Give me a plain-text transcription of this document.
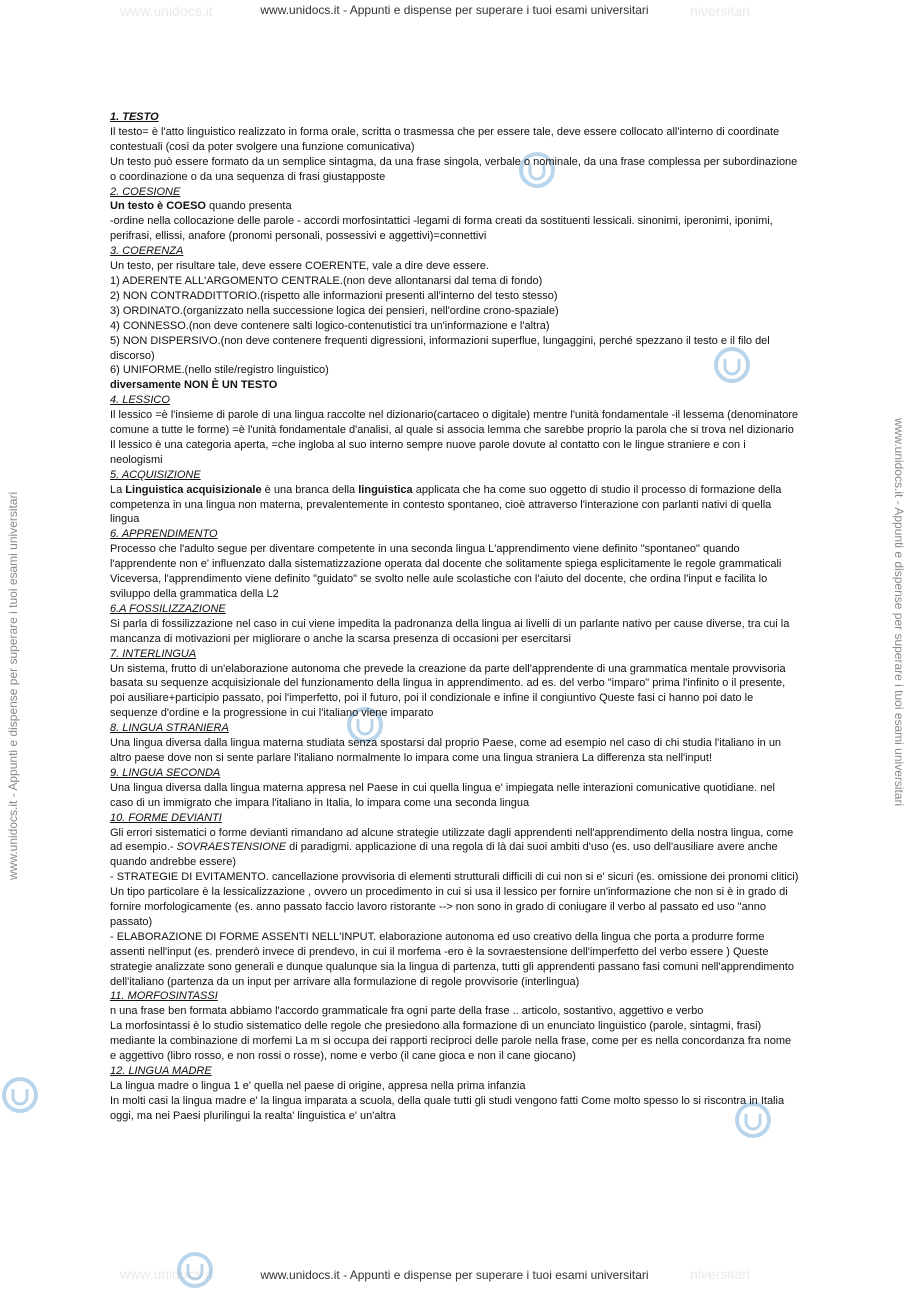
www.unidocs.it	niversitari
www.unidocs.it	niversitari
www.unidocs.it - Appunti e dispense per superare i tuoi esami universitari
www.unidocs.it - Appunti e dispense per superare i tuoi esami universitari
www.unidocs.it - Appunti e dispense per superare i tuoi esami universitari	www.unidocs.it - Appunti e dispense per superare i tuoi esami universitari

1. TESTO

Il testo= è l'atto linguistico realizzato in forma orale, scritta o trasmessa che per essere tale, deve essere collocato all'interno di coordinate contestuali (così da poter svolgere una funzione comunicativa)

Un testo può essere formato da un semplice sintagma, da una frase singola, verbale o nominale, da una frase complessa per subordinazione o coordinazione o da una sequenza di frasi giustapposte

2. COESIONE

Un testo è COESO quando presenta

-ordine nella collocazione delle parole - accordi morfosintattici -legami di forma creati da sostituenti lessicali. sinonimi, iperonimi, iponimi, perifrasi, ellissi, anafore (pronomi personali, possessivi e aggettivi)=connettivi

3. COERENZA

Un testo, per risultare tale, deve essere COERENTE, vale a dire deve essere.

1) ADERENTE ALL'ARGOMENTO CENTRALE.(non deve allontanarsi dal tema di fondo)

2) NON CONTRADDITTORIO.(rispetto alle informazioni presenti all'interno del testo stesso)

3) ORDINATO.(organizzato nella successione logica dei pensieri, nell'ordine crono-spaziale)

4) CONNESSO.(non deve contenere salti logico-contenutistici tra un'informazione e l'altra)

5) NON DISPERSIVO.(non deve contenere frequenti digressioni, informazioni superflue, lungaggini, perché spezzano il testo e il filo del discorso)

6) UNIFORME.(nello stile/registro linguistico)

diversamente NON È UN TESTO

4. LESSICO

Il lessico =è l'insieme di parole di una lingua raccolte nel dizionario(cartaceo o digitale) mentre l'unità fondamentale -il lessema (denominatore comune a tutte le forme) =è l'unità fondamentale d'analisi, al quale si associa lemma che sarebbe proprio la parola che si trova nel dizionario Il lessico è una categoria aperta, =che ingloba al suo interno sempre nuove parole dovute al contatto con le lingue straniere e con i neologismi

5. ACQUISIZIONE

La Linguistica acquisizionale è una branca della linguistica applicata che ha come suo oggetto di studio il processo di formazione della competenza in una lingua non materna, prevalentemente in contesto spontaneo, cioè attraverso l'interazione con parlanti nativi di quella lingua

6. APPRENDIMENTO

Processo che l'adulto segue per diventare competente in una seconda lingua L'apprendimento viene definito "spontaneo" quando l'apprendente non e' influenzato dalla sistematizzazione operata dal docente che solitamente spiega esplicitamente le regole grammaticali Viceversa, l'apprendimento viene definito "guidato" se svolto nelle aule scolastiche con l'aiuto del docente, che ordina l'input e facilita lo sviluppo della grammatica della L2

6.A FOSSILIZZAZIONE

Si parla di fossilizzazione nel caso in cui viene impedita la padronanza della lingua ai livelli di un parlante nativo per cause diverse, tra cui la mancanza di motivazioni per migliorare o anche la scarsa presenza di occasioni per esercitarsi

7. INTERLINGUA

Un sistema, frutto di un'elaborazione autonoma che prevede la creazione da parte dell'apprendente di una grammatica mentale provvisoria basata su sequenze acquisizionale del funzionamento della lingua in apprendimento. ad es. del verbo "imparo" prima l'infinito o il presente, poi ausiliare+participio passato, poi l'imperfetto, poi il futuro, poi il condizionale e infine il congiuntivo Queste fasi ci hanno poi dato le sequenze d'ordine e la progressione in cui l'italiano viene imparato

8. LINGUA STRANIERA

Una lingua diversa dalla lingua materna studiata senza spostarsi dal proprio Paese, come ad esempio nel caso di chi studia l'italiano in un altro paese dove non si sente parlare l'italiano normalmente lo impara come una lingua straniera La differenza sta nell'input!

9. LINGUA SECONDA

Una lingua diversa dalla lingua materna appresa nel Paese in cui quella lingua e' impiegata nelle interazioni comunicative quotidiane. nel caso di un immigrato che impara l'italiano in Italia, lo impara come una seconda lingua

10. FORME DEVIANTI

Gli errori sistematici o forme devianti rimandano ad alcune strategie utilizzate dagli apprendenti nell'apprendimento della nostra lingua, come ad esempio.- SOVRAESTENSIONE di paradigmi. applicazione di una regola di là dai suoi ambiti d'uso (es. uso dell'ausiliare avere anche quando andrebbe essere)

- STRATEGIE DI EVITAMENTO. cancellazione provvisoria di elementi strutturali difficili di cui non si e' sicuri (es. omissione dei pronomi clitici) Un tipo particolare è la lessicalizzazione , ovvero un procedimento in cui si usa il lessico per fornire un'informazione che non si è in grado di fornire morfologicamente (es. anno passato faccio lavoro ristorante --> non sono in grado di coniugare il verbo al passato ed uso "anno passato)

- ELABORAZIONE DI FORME ASSENTI NELL'INPUT. elaborazione autonoma ed uso creativo della lingua che porta a produrre forme assenti nell'input (es. prenderò invece di prendevo, in cui il morfema -ero è la sovraestensione dell'imperfetto del verbo essere ) Queste strategie analizzate sono generali e dunque qualunque sia la lingua di partenza, tutti gli apprendenti passano fasi comuni nell'apprendimento dell'italiano (partenza da un input per arrivare alla formulazione di regole provvisorie (interlingua)

11. MORFOSINTASSI

n una frase ben formata abbiamo l'accordo grammaticale fra ogni parte della frase .. articolo, sostantivo, aggettivo e verbo

La morfosintassi è lo studio sistematico delle regole che presiedono alla formazione di un enunciato linguistico (parole, sintagmi, frasi) mediante la combinazione di morfemi La m si occupa dei rapporti reciproci delle parole nella frase, come per es nella concordanza fra nome e aggettivo (libro rosso, e non rossi o rosse), nome e verbo (il cane gioca e non il cane giocano)

12. LINGUA MADRE

La lingua madre o lingua 1 e' quella nel paese di origine, appresa nella prima infanzia

In molti casi la lingua madre e' la lingua imparata a scuola, della quale tutti gli studi vengono fatti Come molto spesso lo si riscontra in Italia oggi, ma nei Paesi plurilingui la realta' linguistica e' un'altra
